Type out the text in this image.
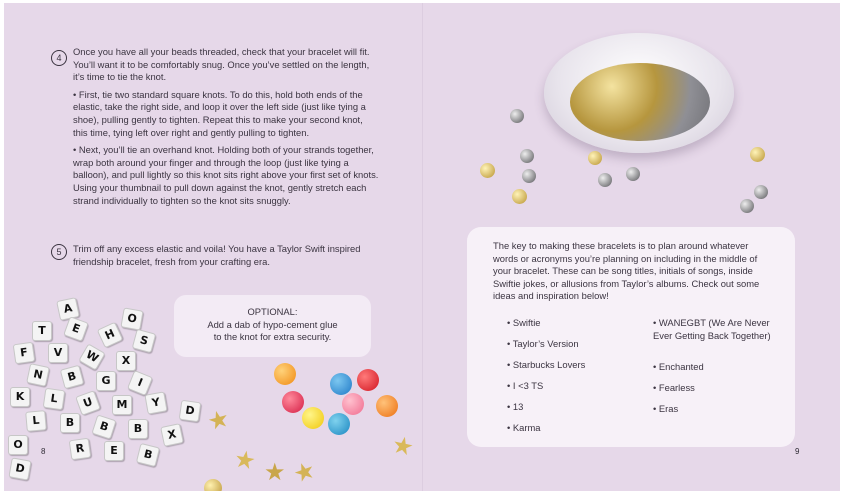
4

Once you have all your beads threaded, check that your bracelet will fit. You’ll want it to be comfortably snug. Once you’ve settled on the length, it’s time to tie the knot.

• First, tie two standard square knots. To do this, hold both ends of the elastic, take the right side, and loop it over the left side (just like tying a shoe), pulling gently to tighten. Repeat this to make your second knot, this time, tying left over right and gently pulling to tighten.

• Next, you’ll tie an overhand knot. Holding both of your strands together, wrap both around your finger and through the loop (just like tying a balloon), and pull lightly so this knot sits right above your first set of knots. Using your thumbnail to pull down against the knot, gently stretch each strand individually to tighten so the knot sits snuggly.

5	Trim off any excess elastic and voila! You have a Taylor Swift inspired friendship bracelet, fresh from your crafting era.

OPTIONAL:
Add a dab of hypo-cement glue
to the knot for extra security.
A
O
T	E	H	S
F	V	W	X
N	B	G	I
K	L	U	M	Y
D
L	B	B	B	X
O	R	E	B
D
★
★ ★ ★
★
8
The key to making these bracelets is to plan around whatever words or acronyms you’re planning on including in the middle of your bracelet. These can be song titles, initials of songs, inside Swiftie jokes, or allusions from Taylor’s albums. Check out some ideas and inspiration below!
• Swiftie
• Taylor’s Version
• Starbucks Lovers
• I <3 TS
• 13
• Karma
• WANEGBT (We Are Never Ever Getting Back Together)
• Enchanted
• Fearless
• Eras
9
